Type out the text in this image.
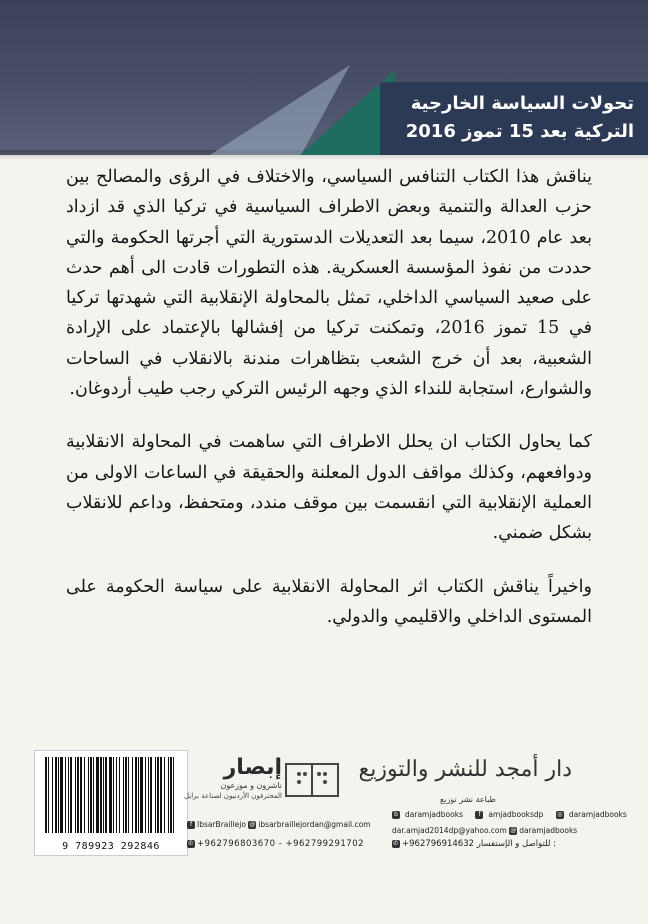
تحولات السياسة الخارجية
التركية بعد 15 تموز 2016

يناقش هذا الكتاب التنافس السياسي، والاختلاف في الرؤى والمصالح بين حزب العدالة والتنمية وبعض الاطراف السياسية في تركيا الذي قد ازداد بعد عام 2010، سيما بعد التعديلات الدستورية التي أجرتها الحكومة والتي حددت من نفوذ المؤسسة العسكرية. هذه التطورات قادت الى أهم حدث على صعيد السياسي الداخلي، تمثل بالمحاولة الإنقلابية التي شهدتها تركيا في 15 تموز 2016، وتمكنت تركيا من إفشالها بالإعتماد على الإرادة الشعبية، بعد أن خرج الشعب بتظاهرات مندنة بالانقلاب في الساحات والشوارع، استجابة للنداء الذي وجهه الرئيس التركي رجب طيب أردوغان.

كما يحاول الكتاب ان يحلل الاطراف التي ساهمت في المحاولة الانقلابية ودوافعهم، وكذلك مواقف الدول المعلنة والحقيقة في الساعات الاولى من العملية الإنقلابية التي انقسمت بين موقف مندد، ومتحفظ، وداعم للانقلاب بشكل ضمني.

واخيراً يناقش الكتاب اثر المحاولة الانقلابية على سياسة الحكومة على المستوى الداخلي والاقليمي والدولي.

9 789923 292846
إبصار
ناشرون و موزعون
المحترفون الأردنيون لصناعة برايل
f IbsarBraillejo @ ibsarbraillejordan@gmail.com
✆ +962796803670 - +962799291702
دار أمجد للنشر والتوزيع
طباعة نشر توزيع
b daramjadbooks	f amjadbooksdp ◎ daramjadbooks
dar.amjad2014dp@yahoo.com @ daramjadbooks
✆ +962796914632 للتواصل و الإستفسار :
